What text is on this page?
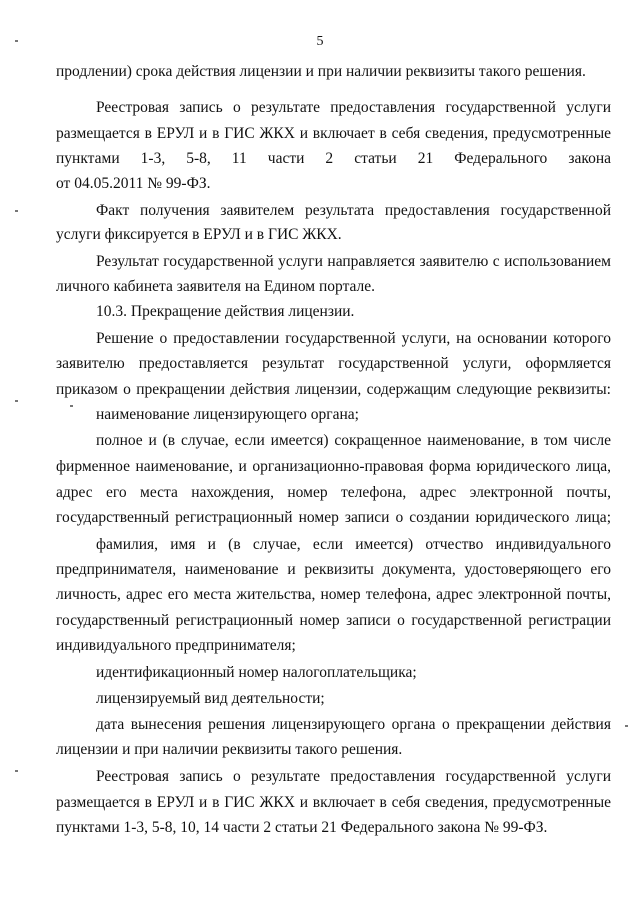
5
продлении) срока действия лицензии и при наличии реквизиты такого решения.
Реестровая запись о результате предоставления государственной услуги
размещается в ЕРУЛ и в ГИС ЖКХ и включает в себя сведения, предусмотренные
пунктами 1-3, 5-8, 11 части 2 статьи 21 Федерального закона
от 04.05.2011 № 99-ФЗ.
Факт получения заявителем результата предоставления государственной
услуги фиксируется в ЕРУЛ и в ГИС ЖКХ.
Результат государственной услуги направляется заявителю с использованием
личного кабинета заявителя на Едином портале.
10.3. Прекращение действия лицензии.
Решение о предоставлении государственной услуги, на основании которого
заявителю предоставляется результат государственной услуги, оформляется
приказом о прекращении действия лицензии, содержащим следующие реквизиты:
наименование лицензирующего органа;
полное и (в случае, если имеется) сокращенное наименование, в том числе
фирменное наименование, и организационно-правовая форма юридического лица,
адрес его места нахождения, номер телефона, адрес электронной почты,
государственный регистрационный номер записи о создании юридического лица;
фамилия, имя и (в случае, если имеется) отчество индивидуального
предпринимателя, наименование и реквизиты документа, удостоверяющего его
личность, адрес его места жительства, номер телефона, адрес электронной почты,
государственный регистрационный номер записи о государственной регистрации
индивидуального предпринимателя;
идентификационный номер налогоплательщика;
лицензируемый вид деятельности;
дата вынесения решения лицензирующего органа о прекращении действия
лицензии и при наличии реквизиты такого решения.
Реестровая запись о результате предоставления государственной услуги
размещается в ЕРУЛ и в ГИС ЖКХ и включает в себя сведения, предусмотренные
пунктами 1-3, 5-8, 10, 14 части 2 статьи 21 Федерального закона № 99-ФЗ.
